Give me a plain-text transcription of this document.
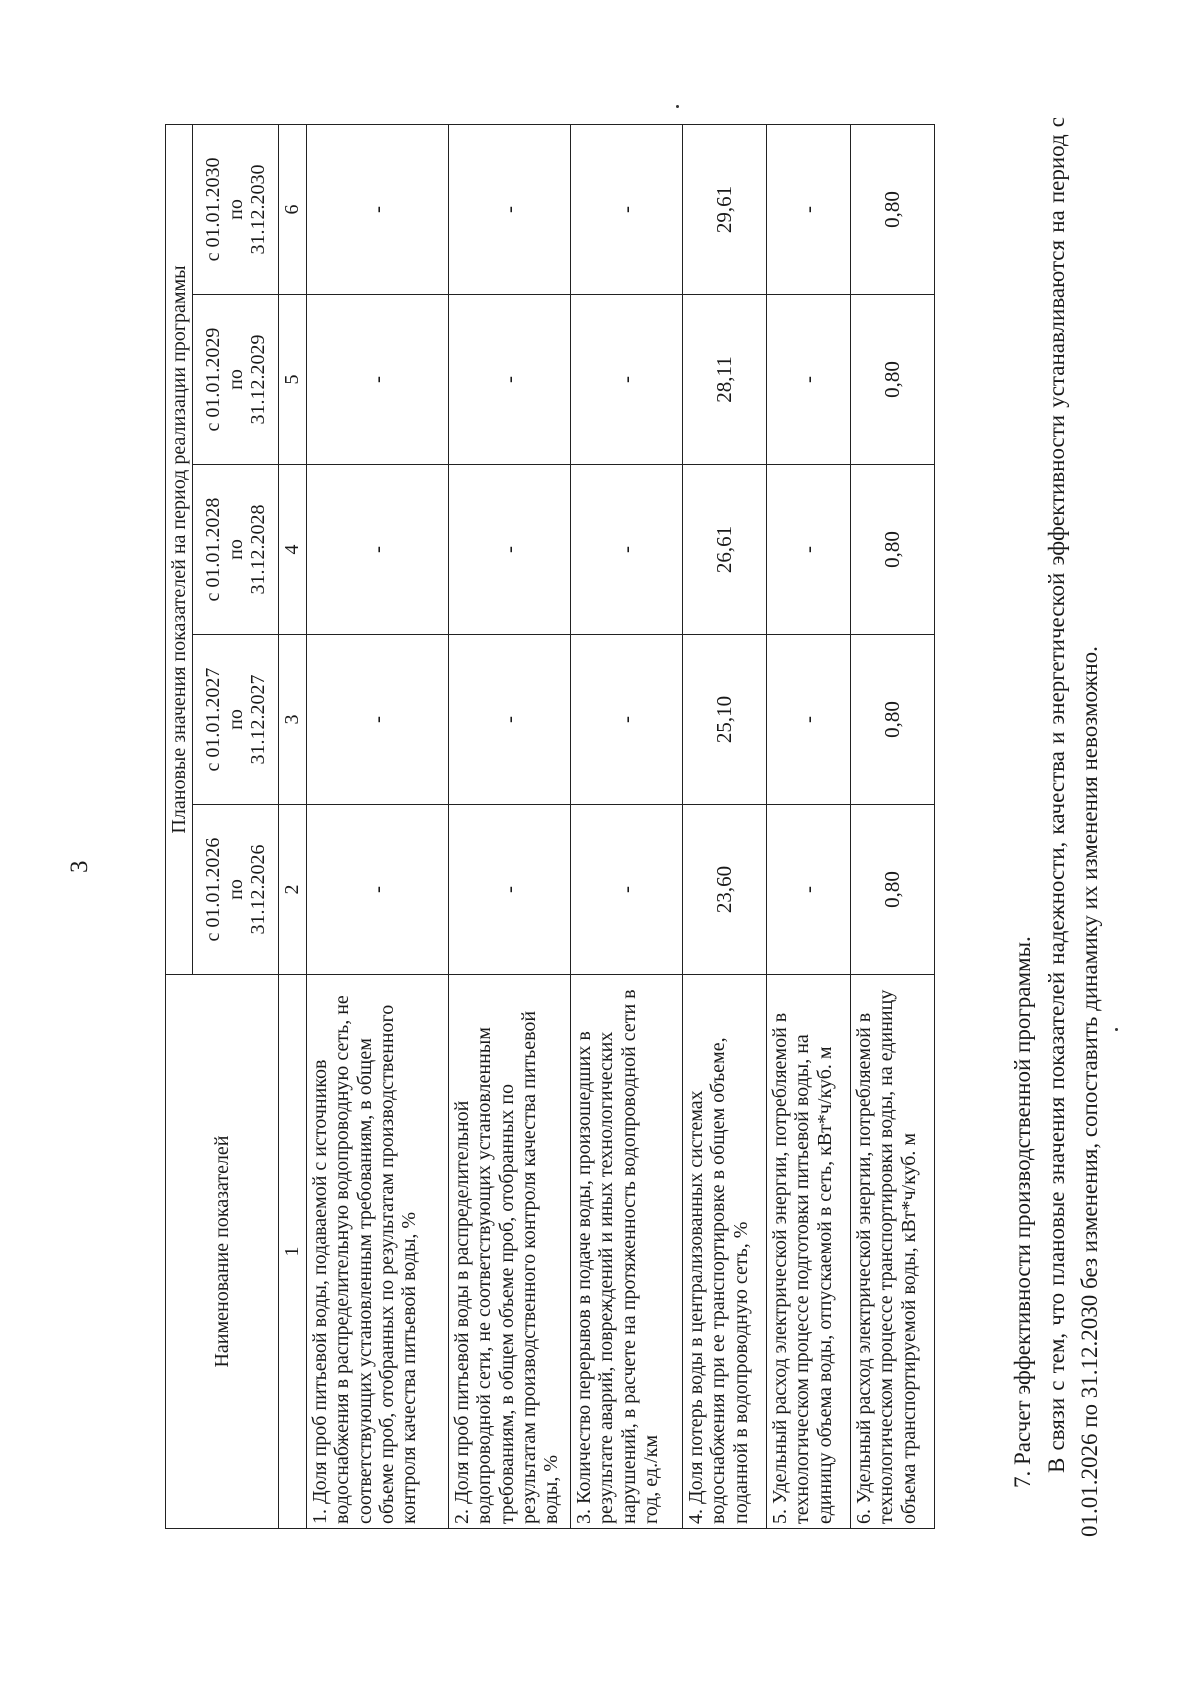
3
Наименование показателей	Плановые значения показателей на период реализации программы				
	с 01.01.2026
по
31.12.2026	с 01.01.2027
по
31.12.2027	с 01.01.2028
по
31.12.2028	с 01.01.2029
по
31.12.2029	с 01.01.2030
по
31.12.2030
1	2	3	4	5	6
1. Доля проб питьевой воды, подаваемой с источников водоснабжения в распределительную водопроводную сеть, не соответствующих установленным требованиям, в общем объеме проб, отобранных по результатам производственного контроля качества питьевой воды, %	-	-	-	-	-
2. Доля проб питьевой воды в распределительной водопроводной сети, не соответствующих установленным требованиям, в общем объеме проб, отобранных по результатам производственного контроля качества питьевой воды, %	-	-	-	-	-
3. Количество перерывов в подаче воды, произошедших в результате аварий, повреждений и иных технологических нарушений, в расчете на протяженность водопроводной сети в год, ед./км	-	-	-	-	-
4. Доля потерь воды в централизованных системах водоснабжения при ее транспортировке в общем объеме, поданной в водопроводную сеть, %	23,60	25,10	26,61	28,11	29,61
5. Удельный расход электрической энергии, потребляемой в технологическом процессе подготовки питьевой воды, на единицу объема воды, отпускаемой в сеть, кВт*ч/куб. м	-	-	-	-	-
6. Удельный расход электрической энергии, потребляемой в технологическом процессе транспортировки воды, на единицу объема транспортируемой воды, кВт*ч/куб. м	0,80	0,80	0,80	0,80	0,80
7. Расчет эффективности производственной программы. В связи с тем, что плановые значения показателей надежности, качества и энергетической эффективности устанавливаются на период с 01.01.2026 по 31.12.2030 без изменения, сопоставить динамику их изменения невозможно.
